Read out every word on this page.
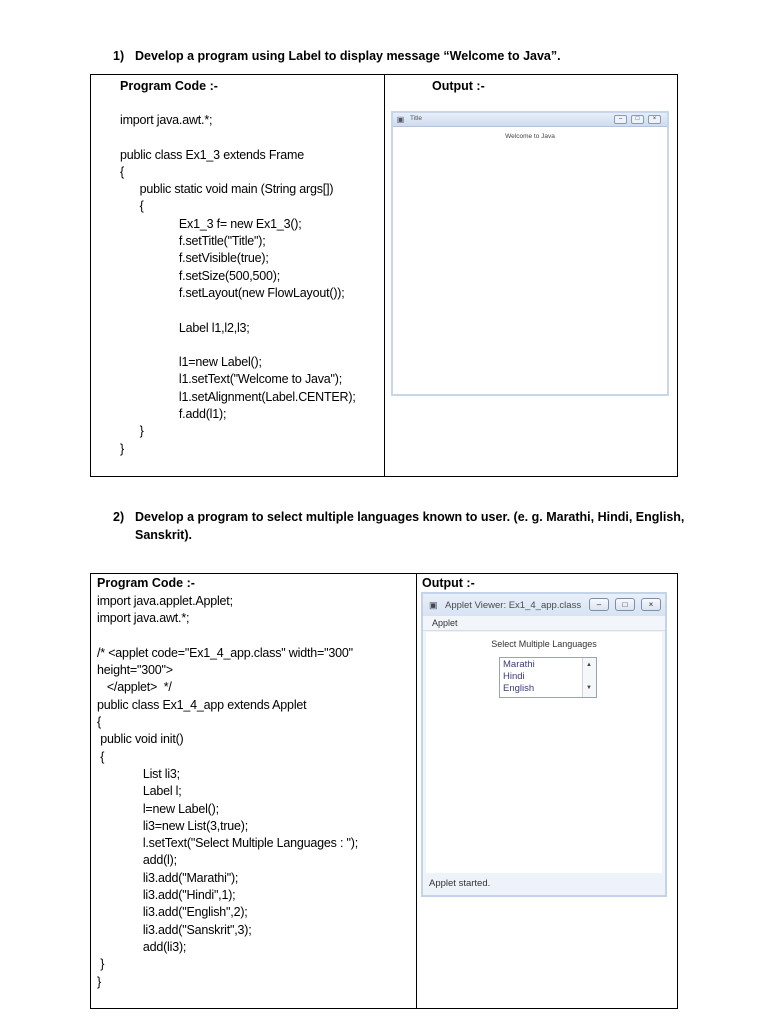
1) Develop a program using Label to display message “Welcome to Java”.
Program Code :-	Output :-
import java.awt.*;

public class Ex1_3 extends Frame
{
public static void main (String args[])
{
Ex1_3 f= new Ex1_3();
f.setTitle("Title");
f.setVisible(true);
f.setSize(500,500);
f.setLayout(new FlowLayout());

Label l1,l2,l3;

l1=new Label();
l1.setText("Welcome to Java");
l1.setAlignment(Label.CENTER);
f.add(l1);
}
}
▣ Title	–	□	×
Welcome to Java
2) Develop a program to select multiple languages known to user. (e. g. Marathi, Hindi, English,
Sanskrit).
Program Code :-	Output :-
import java.applet.Applet;
import java.awt.*;

/* <applet code="Ex1_4_app.class" width="300"
height="300">
</applet>  */
public class Ex1_4_app extends Applet
{
public void init()
{
List li3;
Label l;
l=new Label();
li3=new List(3,true);
l.setText("Select Multiple Languages : ");
add(l);
li3.add("Marathi");
li3.add("Hindi",1);
li3.add("English",2);
li3.add("Sanskrit",3);
add(li3);
}
}
▣ Applet Viewer: Ex1_4_app.class	–	□	×
Applet
Select Multiple Languages
Marathi
Hindi
English
▲
▼
Applet started.
